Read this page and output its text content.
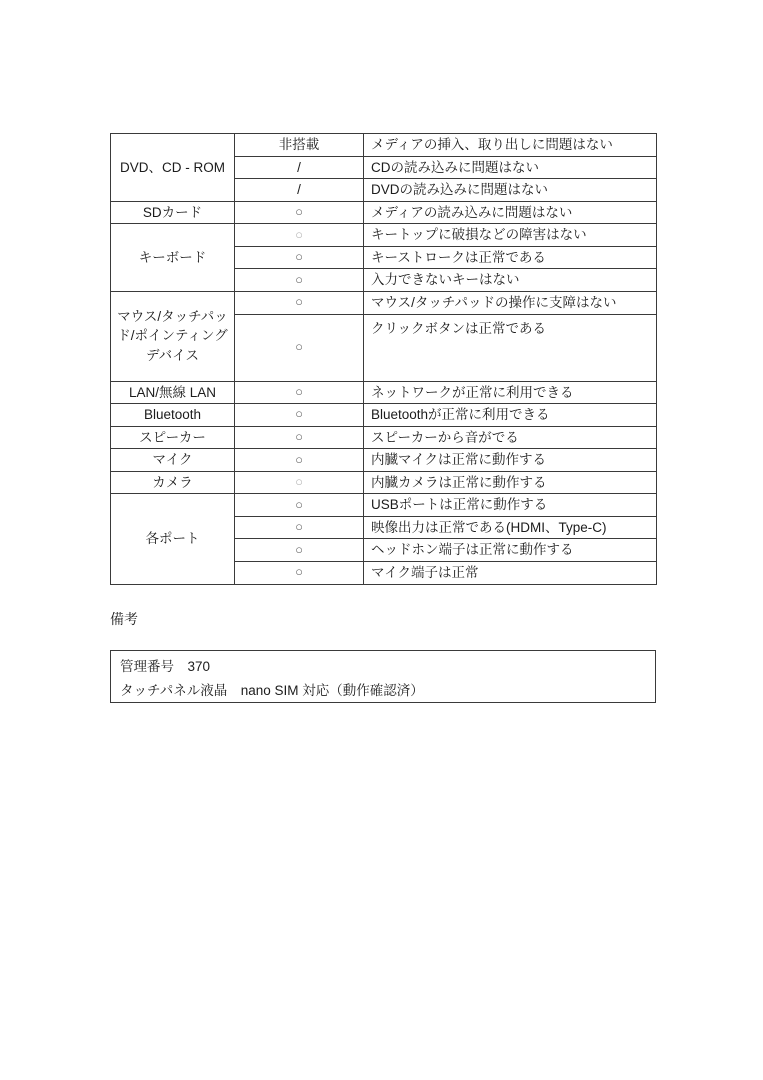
DVD、CD - ROM	非搭載	メディアの挿入、取り出しに問題はない
	/	CDの読み込みに問題はない
	/	DVDの読み込みに問題はない
SDカード	○	メディアの読み込みに問題はない
キーボード	○	キートップに破損などの障害はない
	○	キーストロークは正常である
	○	入力できないキーはない
マウス/タッチパッド/ポインティングデバイス	○	マウス/タッチパッドの操作に支障はない
	○	クリックボタンは正常である
LAN/無線 LAN	○	ネットワークが正常に利用できる
Bluetooth	○	Bluetoothが正常に利用できる
スピーカー	○	スピーカーから音がでる
マイク	○	内臓マイクは正常に動作する
カメラ	○	内臓カメラは正常に動作する
各ポート	○	USBポートは正常に動作する
	○	映像出力は正常である(HDMI、Type-C)
	○	ヘッドホン端子は正常に動作する
	○	マイク端子は正常
備考
管理番号　370
タッチパネル液晶　nano SIM 対応（動作確認済）
